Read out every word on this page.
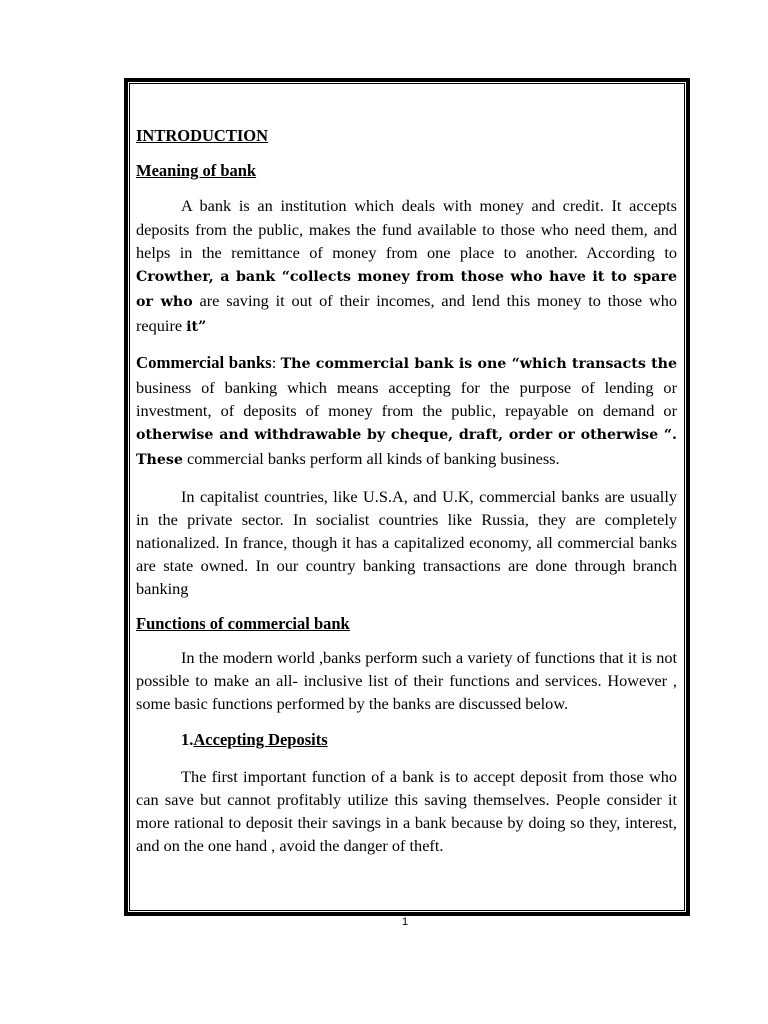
INTRODUCTION

Meaning of bank

A bank is an institution which deals with money and credit. It accepts deposits from the public, makes the fund available to those who need them, and helps in the remittance of money from one place to another. According to Crowther, a bank “collects money from those who have it to spare or who are saving it out of their incomes, and lend this money to those who require it”

Commercial banks: The commercial bank is one “which transacts the business of banking which means accepting for the purpose of lending or investment, of deposits of money from the public, repayable on demand or otherwise and withdrawable by cheque, draft, order or otherwise “. These commercial banks perform all kinds of banking business.

In capitalist countries, like U.S.A, and U.K, commercial banks are usually in the private sector. In socialist countries like Russia, they are completely nationalized. In france, though it has a capitalized economy, all commercial banks are state owned. In our country banking transactions are done through branch banking

Functions of commercial bank

In the modern world ,banks perform such a variety of functions that it is not possible to make an all- inclusive list of their functions and services. However , some basic functions performed by the banks are discussed below.

1.Accepting Deposits

The first important function of a bank is to accept deposit from those who can save but cannot profitably utilize this saving themselves. People consider it more rational to deposit their savings in a bank because by doing so they, interest, and on the one hand , avoid the danger of theft.

1
